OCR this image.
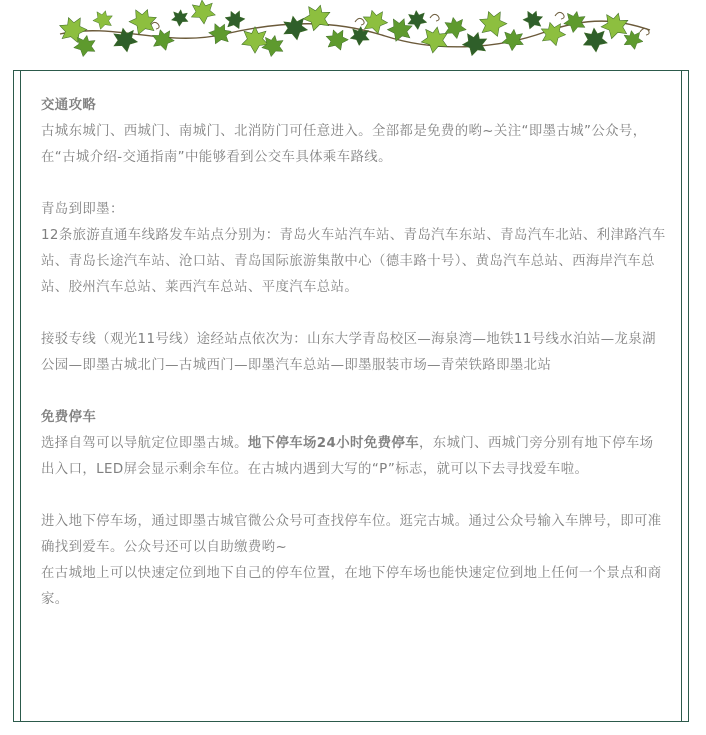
交通攻略

古城东城门、西城门、南城门、北消防门可任意进入。全部都是免费的哟~关注“即墨古城”公众号，在“古城介绍-交通指南”中能够看到公交车具体乘车路线。

青岛到即墨：

12条旅游直通车线路发车站点分别为：青岛火车站汽车站、青岛汽车东站、青岛汽车北站、利津路汽车站、青岛长途汽车站、沧口站、青岛国际旅游集散中心（德丰路十号）、黄岛汽车总站、西海岸汽车总站、胶州汽车总站、莱西汽车总站、平度汽车总站。

接驳专线（观光11号线）途经站点依次为：山东大学青岛校区—海泉湾—地铁11号线水泊站—龙泉湖公园—即墨古城北门—古城西门—即墨汽车总站—即墨服装市场—青荣铁路即墨北站

免费停车

选择自驾可以导航定位即墨古城。地下停车场24小时免费停车，东城门、西城门旁分别有地下停车场出入口，LED屏会显示剩余车位。在古城内遇到大写的“P”标志，就可以下去寻找爱车啦。

进入地下停车场，通过即墨古城官微公众号可查找停车位。逛完古城。通过公众号输入车牌号，即可准确找到爱车。公众号还可以自助缴费哟~

在古城地上可以快速定位到地下自己的停车位置，在地下停车场也能快速定位到地上任何一个景点和商家。
